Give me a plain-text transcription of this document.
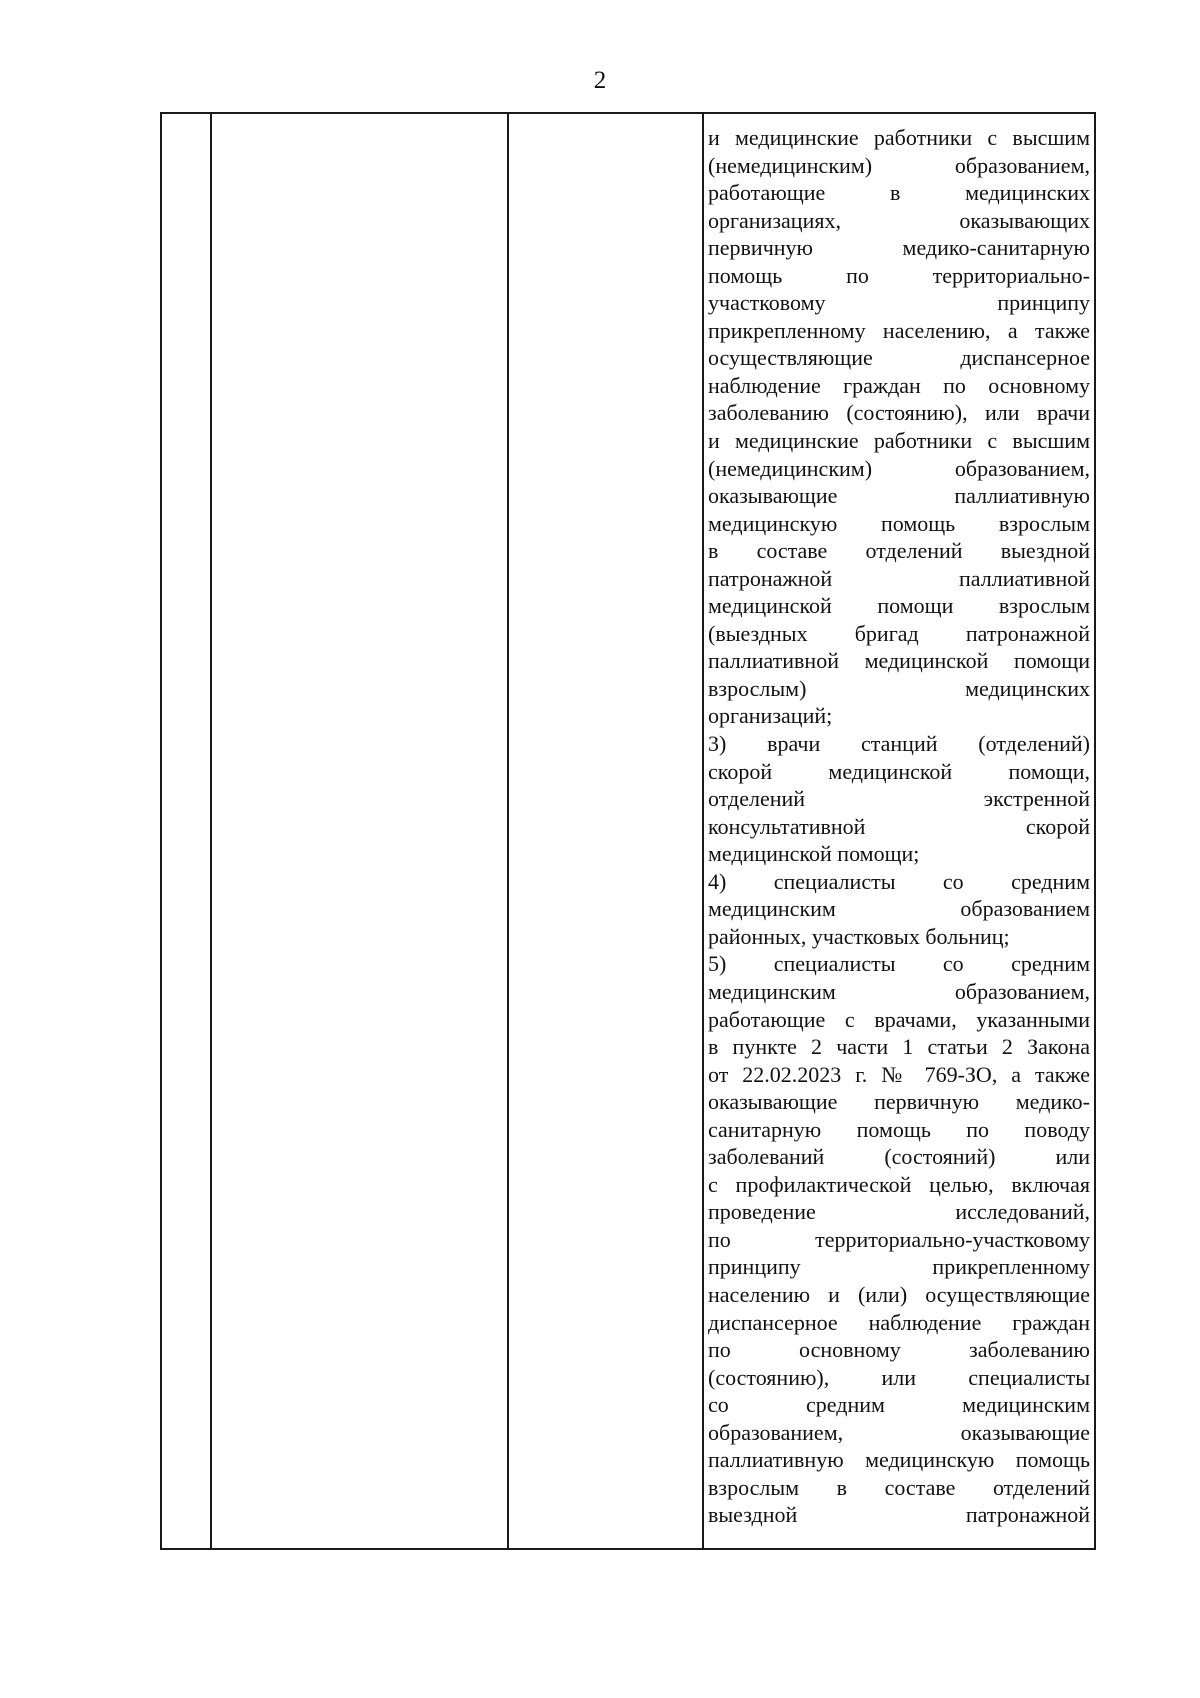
2
и медицинские работники с высшим
(немедицинским) образованием,
работающие в медицинских
организациях, оказывающих
первичную медико-санитарную
помощь по территориально-
участковому принципу
прикрепленному населению, а также
осуществляющие диспансерное
наблюдение граждан по основному
заболеванию (состоянию), или врачи
и медицинские работники с высшим
(немедицинским) образованием,
оказывающие паллиативную
медицинскую помощь взрослым
в составе отделений выездной
патронажной паллиативной
медицинской помощи взрослым
(выездных бригад патронажной
паллиативной медицинской помощи
взрослым) медицинских
организаций;
3) врачи станций (отделений)
скорой медицинской помощи,
отделений экстренной
консультативной скорой
медицинской помощи;
4) специалисты со средним
медицинским образованием
районных, участковых больниц;
5) специалисты со средним
медицинским образованием,
работающие с врачами, указанными
в пункте 2 части 1 статьи 2 Закона
от 22.02.2023 г. № 769-ЗО, а также
оказывающие первичную медико-
санитарную помощь по поводу
заболеваний (состояний) или
с профилактической целью, включая
проведение исследований,
по территориально-участковому
принципу прикрепленному
населению и (или) осуществляющие
диспансерное наблюдение граждан
по основному заболеванию
(состоянию), или специалисты
со средним медицинским
образованием, оказывающие
паллиативную медицинскую помощь
взрослым в составе отделений
выездной патронажной
